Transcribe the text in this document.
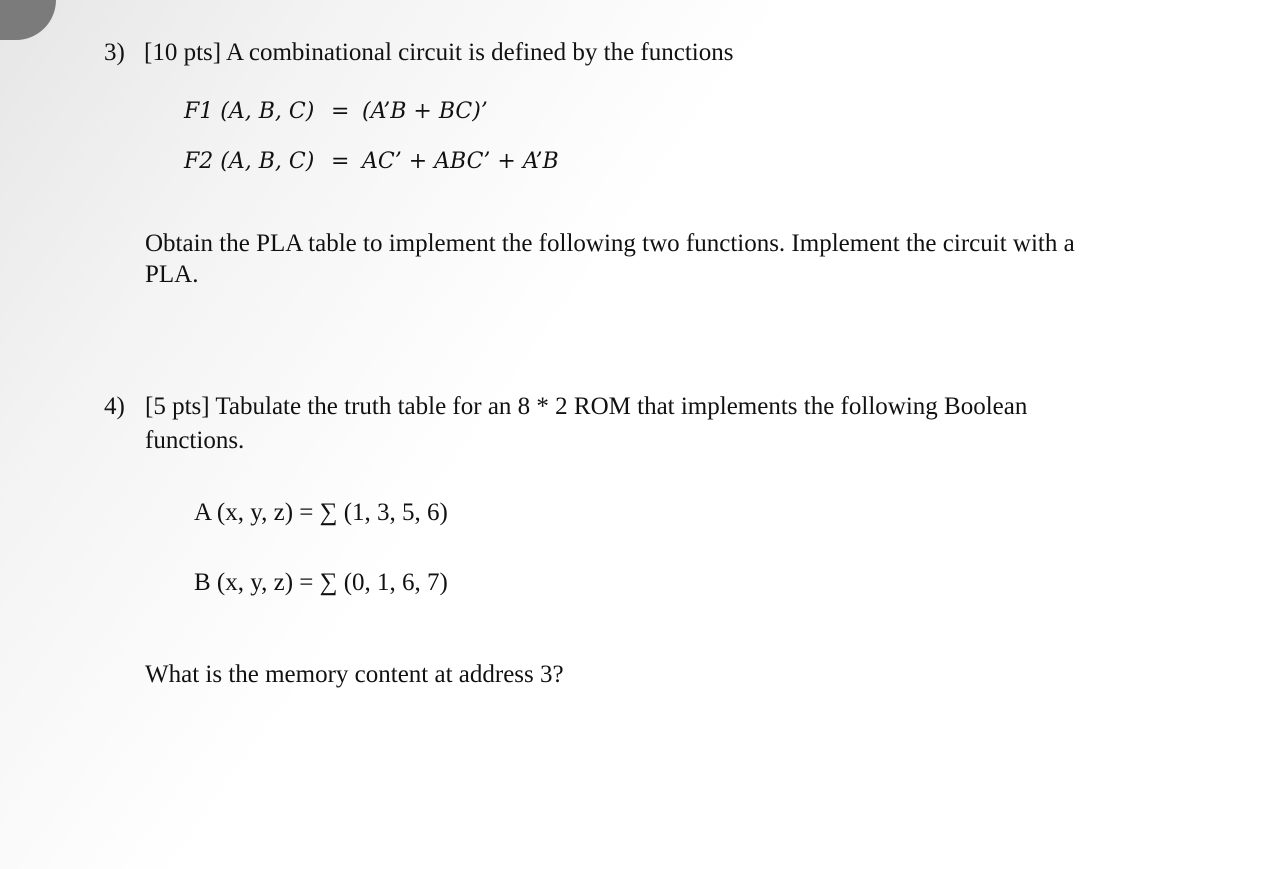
3) [10 pts] A combinational circuit is defined by the functions
F1 (A, B, C) = (A’B + BC)’
F2 (A, B, C) = AC’ + ABC’ + A’B
Obtain the PLA table to implement the following two functions. Implement the circuit with a
PLA.
4) [5 pts] Tabulate the truth table for an 8 * 2 ROM that implements the following Boolean
functions.
A (x, y, z) = ∑ (1, 3, 5, 6)
B (x, y, z) = ∑ (0, 1, 6, 7)
What is the memory content at address 3?
